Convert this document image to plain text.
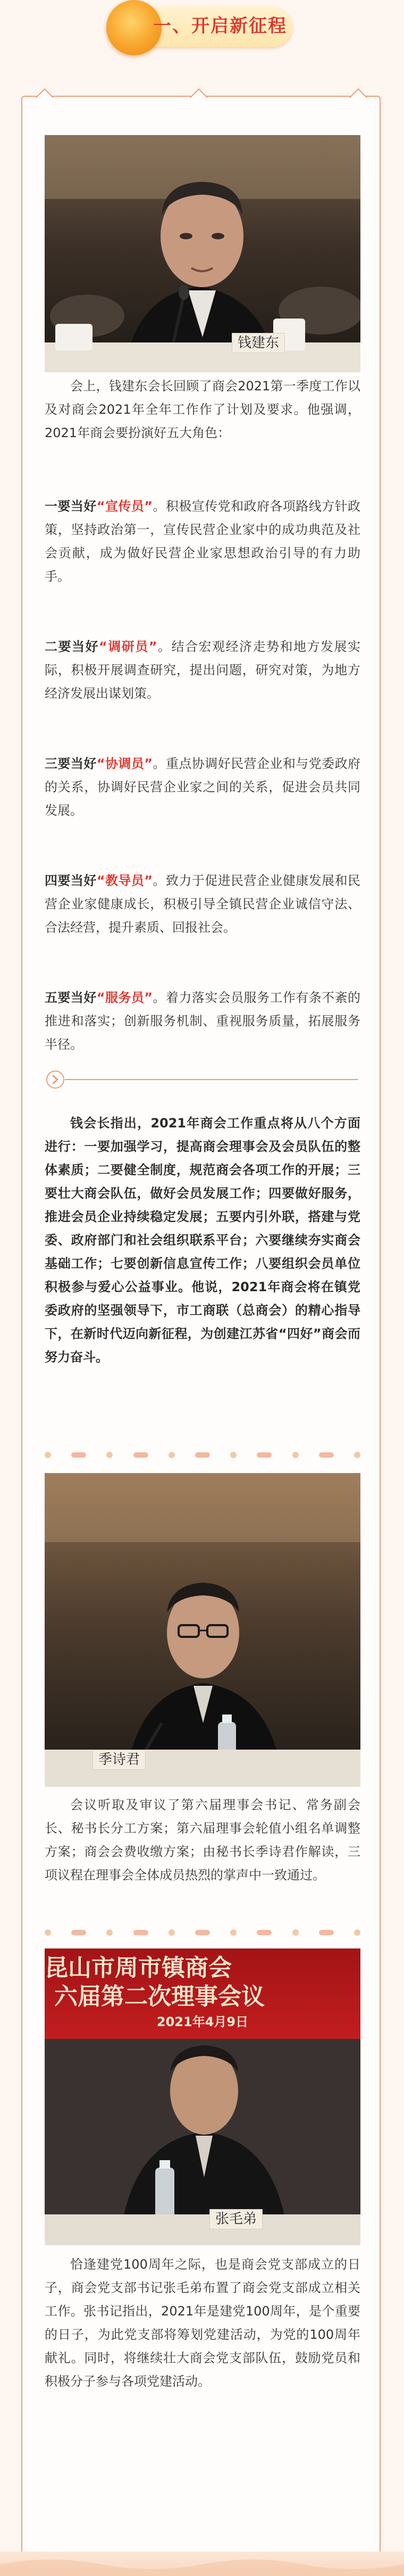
一、开启新征程
钱建东
会上，钱建东会长回顾了商会2021第一季度工作以及对商会2021年全年工作作了计划及要求。他强调，2021年商会要扮演好五大角色：
一要当好“宣传员”。积极宣传党和政府各项路线方针政策，坚持政治第一，宣传民营企业家中的成功典范及社会贡献，成为做好民营企业家思想政治引导的有力助手。
二要当好“调研员”。结合宏观经济走势和地方发展实际，积极开展调查研究，提出问题，研究对策，为地方经济发展出谋划策。
三要当好“协调员”。重点协调好民营企业和与党委政府的关系，协调好民营企业家之间的关系，促进会员共同发展。
四要当好“教导员”。致力于促进民营企业健康发展和民营企业家健康成长，积极引导全镇民营企业诚信守法、合法经营，提升素质、回报社会。
五要当好“服务员”。着力落实会员服务工作有条不紊的推进和落实；创新服务机制、重视服务质量，拓展服务半径。
钱会长指出，2021年商会工作重点将从八个方面进行：一要加强学习，提高商会理事会及会员队伍的整体素质；二要健全制度，规范商会各项工作的开展；三要壮大商会队伍，做好会员发展工作；四要做好服务，推进会员企业持续稳定发展；五要内引外联，搭建与党委、政府部门和社会组织联系平台；六要继续夯实商会基础工作；七要创新信息宣传工作；八要组织会员单位积极参与爱心公益事业。他说，2021年商会将在镇党委政府的坚强领导下，市工商联（总商会）的精心指导下，在新时代迈向新征程，为创建江苏省“四好”商会而努力奋斗。
季诗君
会议听取及审议了第六届理事会书记、常务副会长、秘书长分工方案；第六届理事会轮值小组名单调整方案；商会会费收缴方案；由秘书长季诗君作解读，三项议程在理事会全体成员热烈的掌声中一致通过。
昆山市周市镇商会
六届第二次理事会议
2021年4月9日
张毛弟
恰逢建党100周年之际，也是商会党支部成立的日子，商会党支部书记张毛弟布置了商会党支部成立相关工作。张书记指出，2021年是建党100周年，是个重要的日子，为此党支部将筹划党建活动，为党的100周年献礼。同时，将继续壮大商会党支部队伍，鼓励党员和积极分子参与各项党建活动。
